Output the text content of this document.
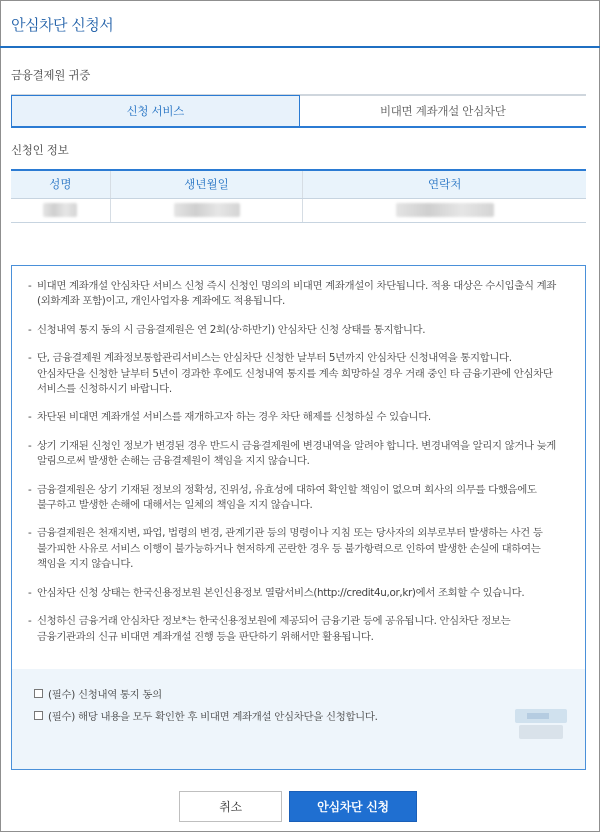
안심차단 신청서
금융결제원 귀중
신청 서비스	비대면 계좌개설 안심차단
신청인 정보
성명	생년월일	연락처

- 비대면 계좌개설 안심차단 서비스 신청 즉시 신청인 명의의 비대면 계좌개설이 차단됩니다. 적용 대상은 수시입출식 계좌
(외화계좌 포함)이고, 개인사업자용 계좌에도 적용됩니다.
- 신청내역 통지 동의 시 금융결제원은 연 2회(상·하반기) 안심차단 신청 상태를 통지합니다.
- 단, 금융결제원 계좌정보통합관리서비스는 안심차단 신청한 날부터 5년까지 안심차단 신청내역을 통지합니다.
안심차단을 신청한 날부터 5년이 경과한 후에도 신청내역 통지를 계속 희망하실 경우 거래 중인 타 금융기관에 안심차단
서비스를 신청하시기 바랍니다.
- 차단된 비대면 계좌개설 서비스를 재개하고자 하는 경우 차단 해제를 신청하실 수 있습니다.
- 상기 기재된 신청인 정보가 변경된 경우 반드시 금융결제원에 변경내역을 알려야 합니다. 변경내역을 알리지 않거나 늦게
알림으로써 발생한 손해는 금융결제원이 책임을 지지 않습니다.
- 금융결제원은 상기 기재된 정보의 정확성, 진위성, 유효성에 대하여 확인할 책임이 없으며 회사의 의무를 다했음에도
불구하고 발생한 손해에 대해서는 일체의 책임을 지지 않습니다.
- 금융결제원은 천재지변, 파업, 법령의 변경, 관계기관 등의 명령이나 지침 또는 당사자의 외부로부터 발생하는 사건 등
불가피한 사유로 서비스 이행이 불가능하거나 현저하게 곤란한 경우 등 불가항력으로 인하여 발생한 손실에 대하여는
책임을 지지 않습니다.
- 안심차단 신청 상태는 한국신용정보원 본인신용정보 열람서비스(http://credit4u,or,kr)에서 조회할 수 있습니다.
- 신청하신 금융거래 안심차단 정보*는 한국신용정보원에 제공되어 금융기관 등에 공유됩니다. 안심차단 정보는
금융기관과의 신규 비대면 계좌개설 진행 등을 판단하기 위해서만 활용됩니다.
(필수) 신청내역 통지 동의
(필수) 해당 내용을 모두 확인한 후 비대면 계좌개설 안심차단을 신청합니다.
취소	안심차단 신청
